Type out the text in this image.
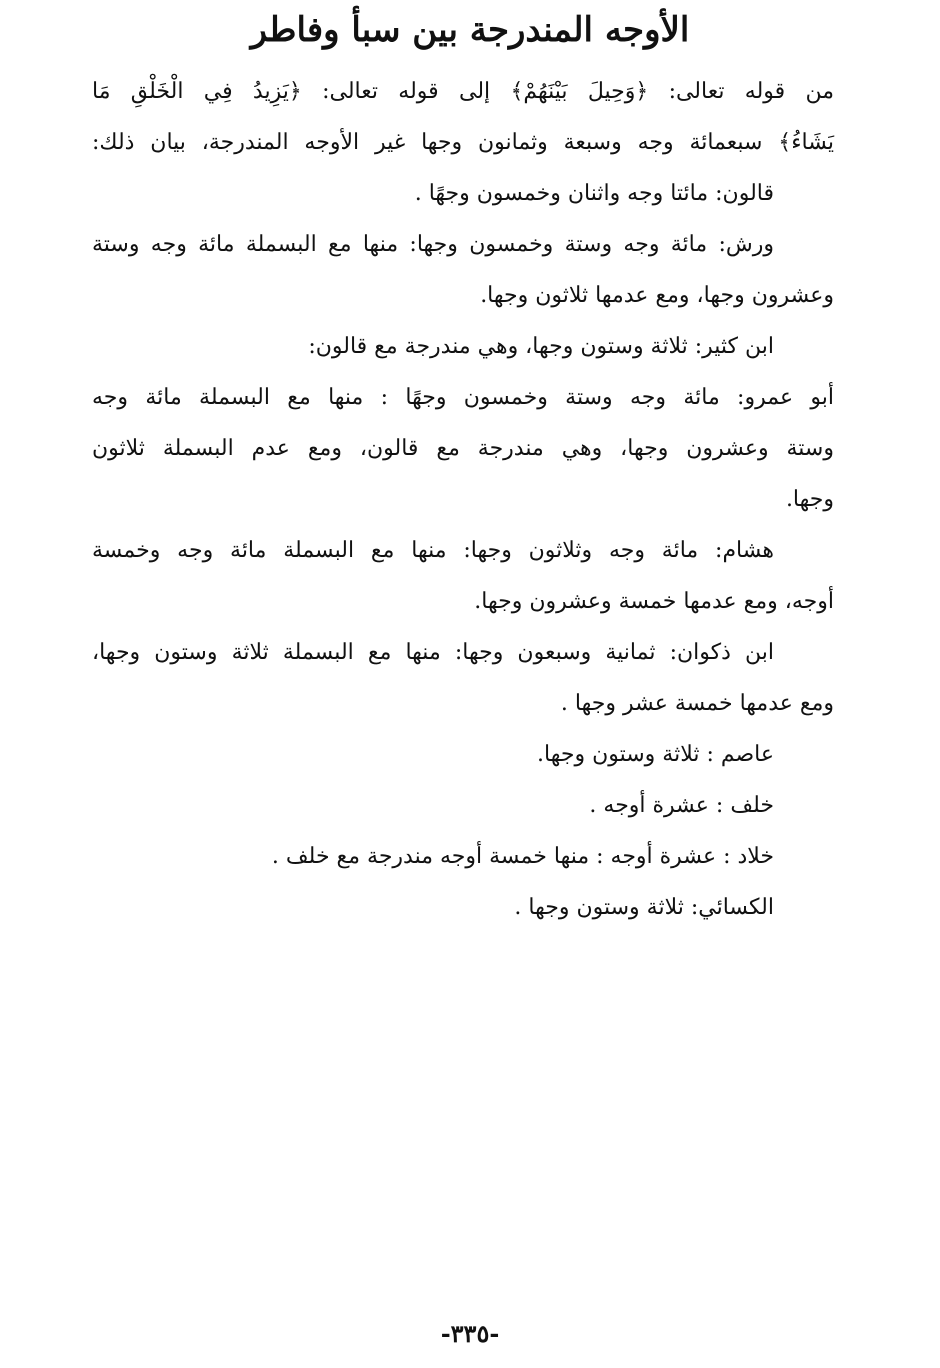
الأوجه المندرجة بين سبأ وفاطر
من قوله تعالى: ﴿وَحِيلَ بَيْنَهُمْ﴾ إلى قوله تعالى: ﴿يَزِيدُ فِي الْخَلْقِ مَا
يَشَاءُ﴾ سبعمائة وجه وسبعة وثمانون وجها غير الأوجه المندرجة، بيان ذلك:
قالون: مائتا وجه واثنان وخمسون وجهًا .
ورش: مائة وجه وستة وخمسون وجها: منها مع البسملة مائة وجه وستة
وعشرون وجها، ومع عدمها ثلاثون وجها.
ابن كثير: ثلاثة وستون وجها، وهي مندرجة مع قالون:
أبو عمرو: مائة وجه وستة وخمسون وجهًا : منها مع البسملة مائة وجه
وستة وعشرون وجها، وهي مندرجة مع قالون، ومع عدم البسملة ثلاثون
وجها.
هشام: مائة وجه وثلاثون وجها: منها مع البسملة مائة وجه وخمسة
أوجه، ومع عدمها خمسة وعشرون وجها.
ابن ذكوان: ثمانية وسبعون وجها: منها مع البسملة ثلاثة وستون وجها،
ومع عدمها خمسة عشر وجها .
عاصم : ثلاثة وستون وجها.
خلف : عشرة أوجه .
خلاد : عشرة أوجه : منها خمسة أوجه مندرجة مع خلف .
الكسائي: ثلاثة وستون وجها .
-٣٣٥-
